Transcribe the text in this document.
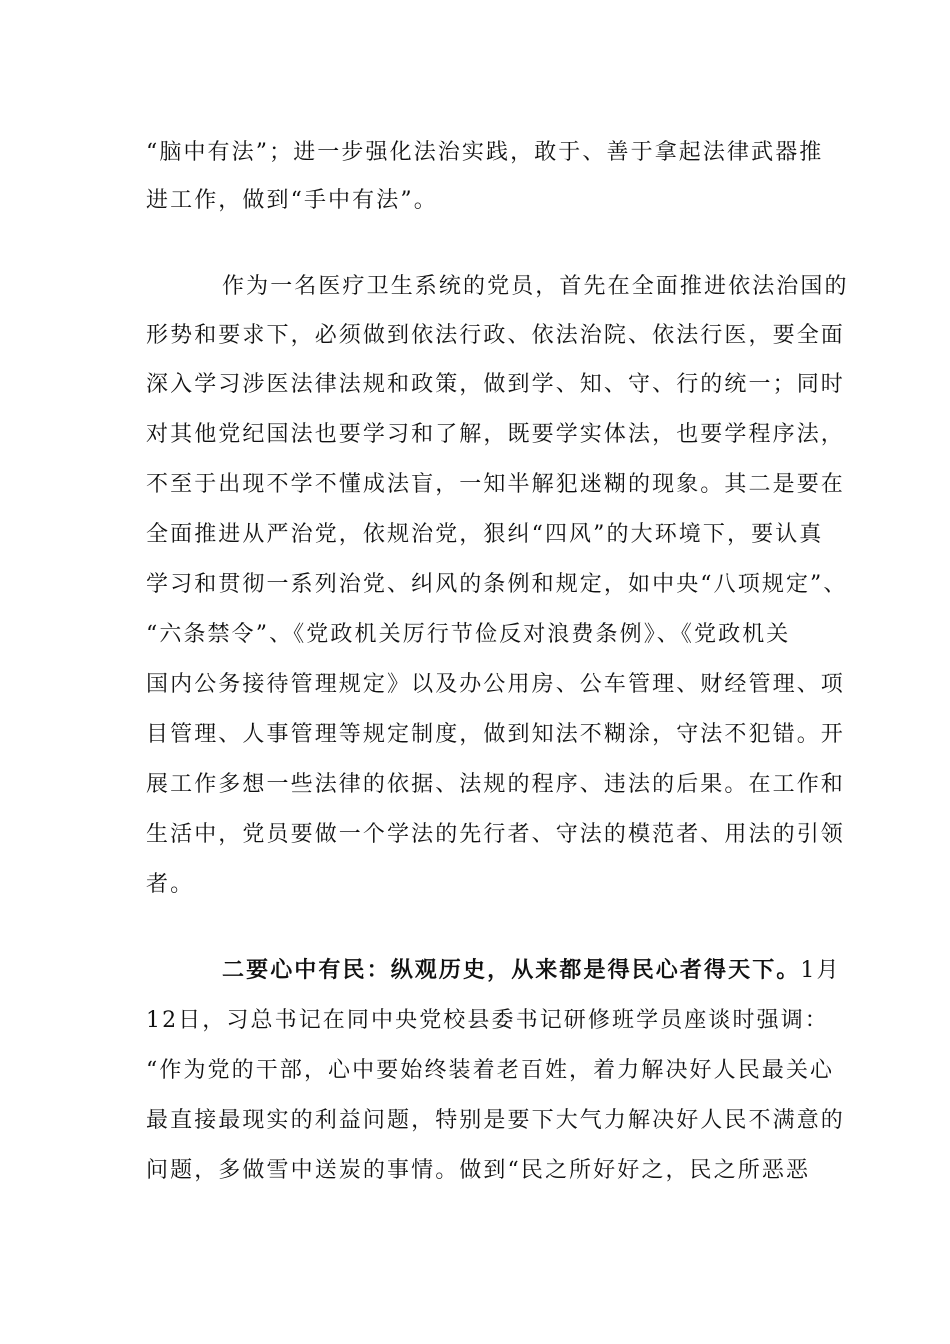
“脑中有法”；进一步强化法治实践，敢于、善于拿起法律武器推
进工作，做到“手中有法”。
作为一名医疗卫生系统的党员，首先在全面推进依法治国的
形势和要求下，必须做到依法行政、依法治院、依法行医，要全面
深入学习涉医法律法规和政策，做到学、知、守、行的统一；同时
对其他党纪国法也要学习和了解，既要学实体法，也要学程序法，
不至于出现不学不懂成法盲，一知半解犯迷糊的现象。其二是要在
全面推进从严治党，依规治党，狠纠“四风”的大环境下，要认真
学习和贯彻一系列治党、纠风的条例和规定，如中央“八项规定”、
“六条禁令”、《党政机关厉行节俭反对浪费条例》、《党政机关
国内公务接待管理规定》以及办公用房、公车管理、财经管理、项
目管理、人事管理等规定制度，做到知法不糊涂，守法不犯错。开
展工作多想一些法律的依据、法规的程序、违法的后果。在工作和
生活中，党员要做一个学法的先行者、守法的模范者、用法的引领
者。
二要心中有民：纵观历史，从来都是得民心者得天下。1月
12日，习总书记在同中央党校县委书记研修班学员座谈时强调：
“作为党的干部，心中要始终装着老百姓，着力解决好人民最关心
最直接最现实的利益问题，特别是要下大气力解决好人民不满意的
问题，多做雪中送炭的事情。做到“民之所好好之，民之所恶恶
